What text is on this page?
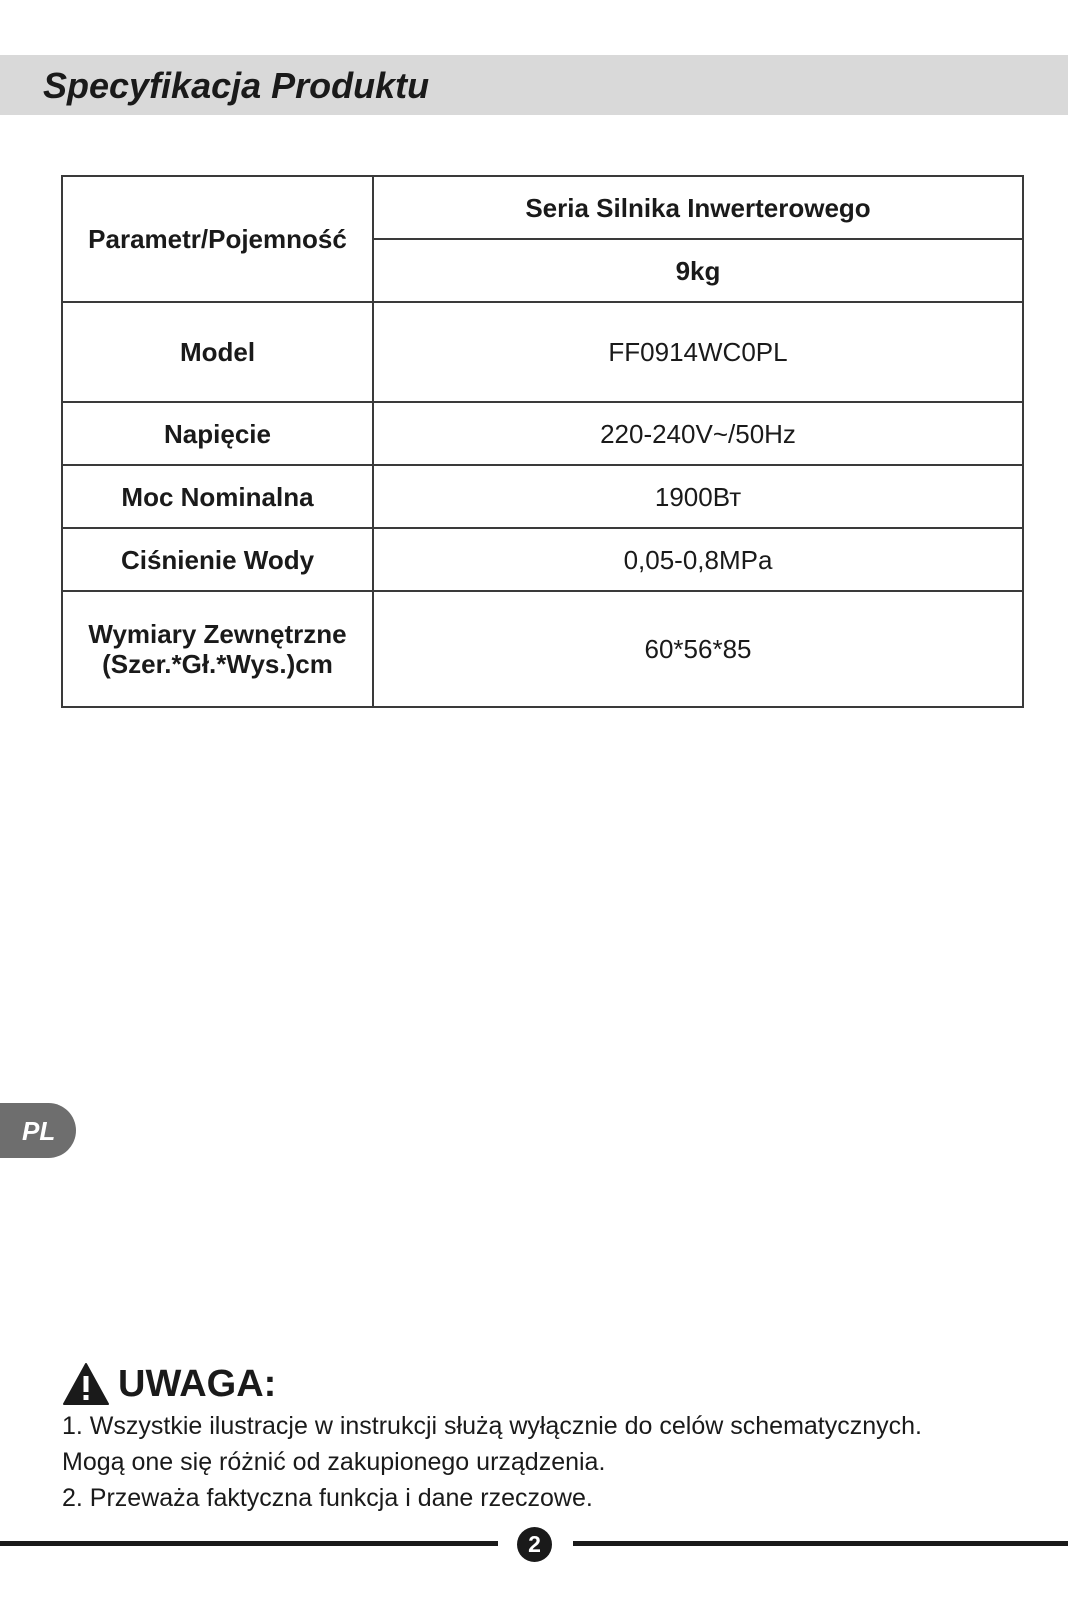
Specyfikacja Produktu
Parametr/Pojemność	Seria Silnika Inwerterowego
	9kg
Model	FF0914WC0PL
Napięcie	220-240V~/50Hz
Moc Nominalna	1900Вт
Ciśnienie Wody	0,05-0,8MPa

Wymiary Zewnętrzne
(Szer.*Gł.*Wys.)cm	60*56*85
PL
UWAGA:
1. Wszystkie ilustracje w instrukcji służą wyłącznie do celów schematycznych.
Mogą one się różnić od zakupionego urządzenia.
2. Przeważa faktyczna funkcja i dane rzeczowe.
2
